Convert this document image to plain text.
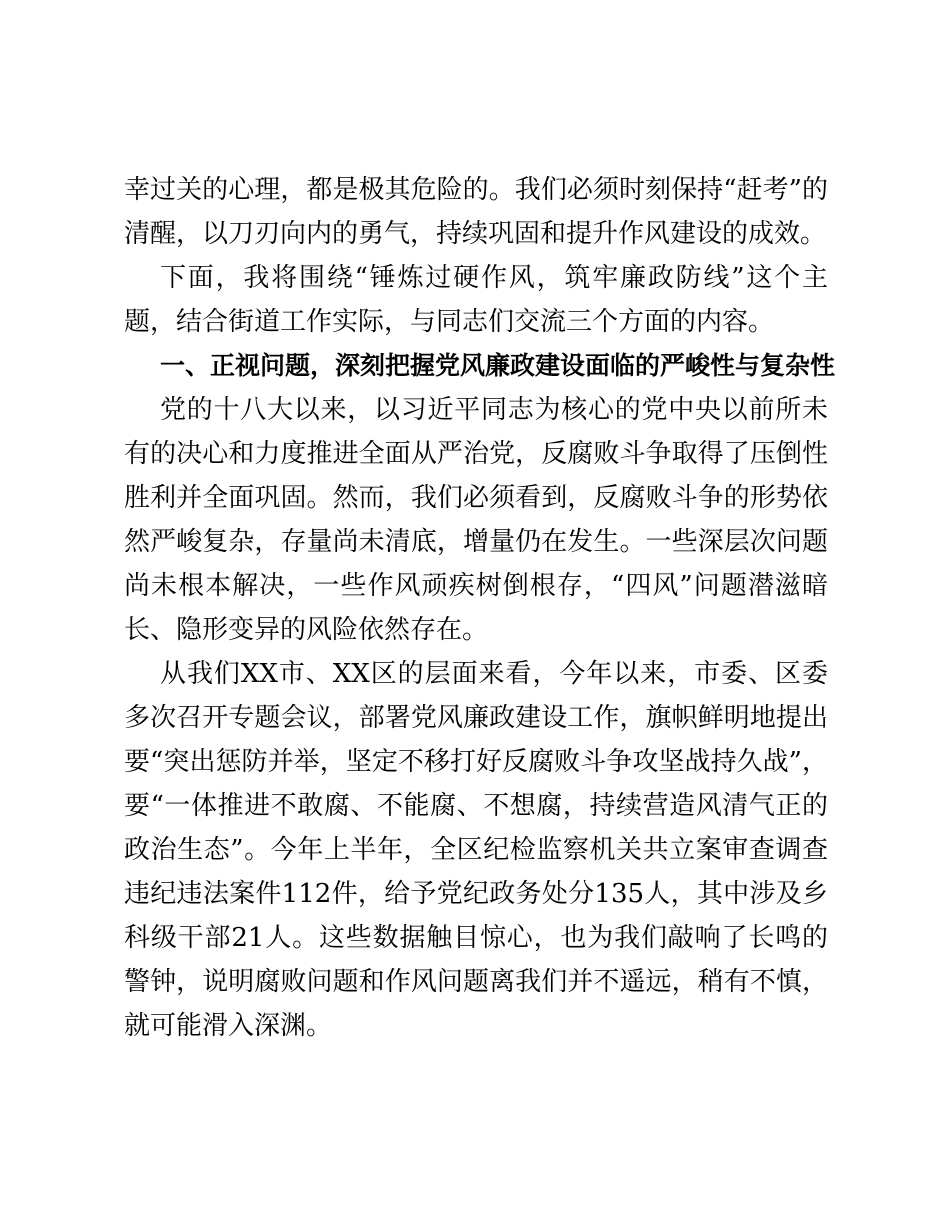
幸过关的心理，都是极其危险的。我们必须时刻保持“赶考”的清醒，以刀刃向内的勇气，持续巩固和提升作风建设的成效。

下面，我将围绕“锤炼过硬作风，筑牢廉政防线”这个主题，结合街道工作实际，与同志们交流三个方面的内容。

一、正视问题，深刻把握党风廉政建设面临的严峻性与复杂性

党的十八大以来，以习近平同志为核心的党中央以前所未有的决心和力度推进全面从严治党，反腐败斗争取得了压倒性胜利并全面巩固。然而，我们必须看到，反腐败斗争的形势依然严峻复杂，存量尚未清底，增量仍在发生。一些深层次问题尚未根本解决，一些作风顽疾树倒根存，“四风”问题潜滋暗长、隐形变异的风险依然存在。

从我们XX市、XX区的层面来看，今年以来，市委、区委多次召开专题会议，部署党风廉政建设工作，旗帜鲜明地提出要“突出惩防并举，坚定不移打好反腐败斗争攻坚战持久战”，要“一体推进不敢腐、不能腐、不想腐，持续营造风清气正的政治生态”。今年上半年，全区纪检监察机关共立案审查调查违纪违法案件112件，给予党纪政务处分135人，其中涉及乡科级干部21人。这些数据触目惊心，也为我们敲响了长鸣的警钟，说明腐败问题和作风问题离我们并不遥远，稍有不慎，就可能滑入深渊。
